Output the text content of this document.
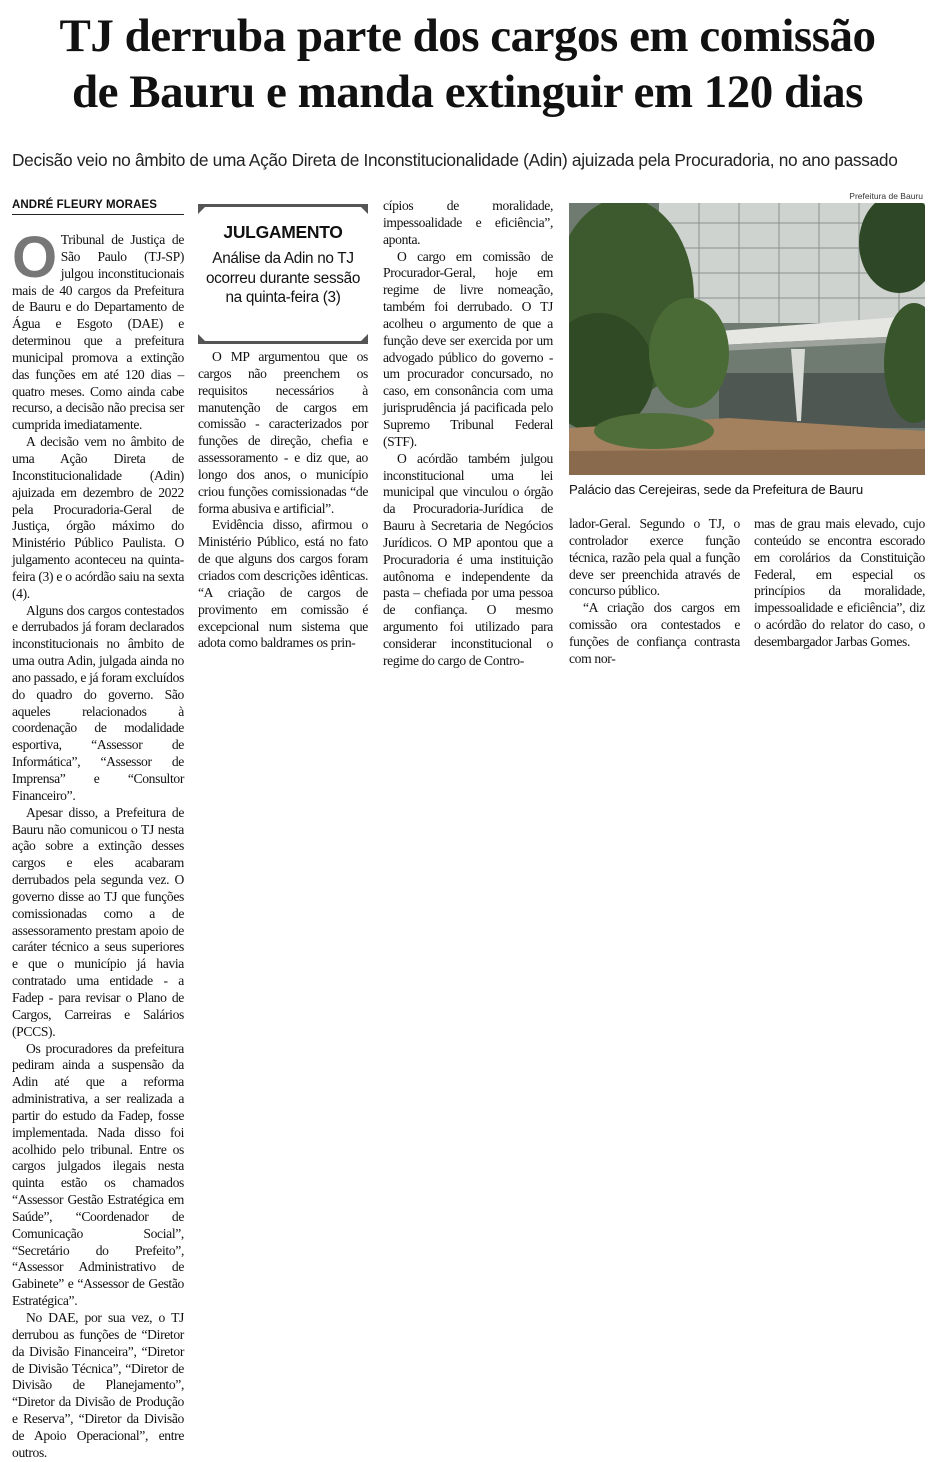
TJ derruba parte dos cargos em comissão
de Bauru e manda extinguir em 120 dias
Decisão veio no âmbito de uma Ação Direta de Inconstitucionalidade (Adin) ajuizada pela Procuradoria, no ano passado
ANDRÉ FLEURY MORAES

O Tribunal de Justiça de São Paulo (TJ-SP) julgou inconstitucionais mais de 40 cargos da Prefeitura de Bauru e do Departamento de Água e Esgoto (DAE) e determinou que a prefeitura municipal promova a extinção das funções em até 120 dias – quatro meses. Como ainda cabe recurso, a decisão não precisa ser cumprida imediatamente.

A decisão vem no âmbito de uma Ação Direta de Inconstitucionalidade (Adin) ajuizada em dezembro de 2022 pela Procuradoria-Geral de Justiça, órgão máximo do Ministério Público Paulista. O julgamento aconteceu na quinta-feira (3) e o acórdão saiu na sexta (4).

Alguns dos cargos contestados e derrubados já foram declarados inconstitucionais no âmbito de uma outra Adin, julgada ainda no ano passado, e já foram excluídos do quadro do governo. São aqueles relacionados à coordenação de modalidade esportiva, “Assessor de Informática”, “Assessor de Imprensa” e “Consultor Financeiro”.

Apesar disso, a Prefeitura de Bauru não comunicou o TJ nesta ação sobre a extinção desses cargos e eles acabaram derrubados pela segunda vez. O governo disse ao TJ que funções comissionadas como a de assessoramento prestam apoio de caráter técnico a seus superiores e que o município já havia contratado uma entidade - a Fadep - para revisar o Plano de Cargos, Carreiras e Salários (PCCS).

Os procuradores da prefeitura pediram ainda a suspensão da Adin até que a reforma administrativa, a ser realizada a partir do estudo da Fadep, fosse implementada. Nada disso foi acolhido pelo tribunal. Entre os cargos julgados ilegais nesta quinta estão os chamados “Assessor Gestão Estratégica em Saúde”, “Coordenador de Comunicação Social”, “Secretário do Prefeito”, “Assessor Administrativo de Gabinete” e “Assessor de Gestão Estratégica”.

No DAE, por sua vez, o TJ derrubou as funções de “Diretor da Divisão Financeira”, “Diretor de Divisão Técnica”, “Diretor de Divisão de Planejamento”, “Diretor da Divisão de Produção e Reserva”, “Diretor da Divisão de Apoio Operacional”, entre outros.

JULGAMENTO
Análise da Adin no TJ ocorreu durante sessão na quinta-feira (3)

O MP argumentou que os cargos não preenchem os requisitos necessários à manutenção de cargos em comissão - caracterizados por funções de direção, chefia e assessoramento - e diz que, ao longo dos anos, o município criou funções comissionadas “de forma abusiva e artificial”.

Evidência disso, afirmou o Ministério Público, está no fato de que alguns dos cargos foram criados com descrições idênticas. “A criação de cargos de provimento em comissão é excepcional num sistema que adota como baldrames os prin-

cípios de moralidade, impessoalidade e eficiência”, aponta.

O cargo em comissão de Procurador-Geral, hoje em regime de livre nomeação, também foi derrubado. O TJ acolheu o argumento de que a função deve ser exercida por um advogado público do governo - um procurador concursado, no caso, em consonância com uma jurisprudência já pacificada pelo Supremo Tribunal Federal (STF).

O acórdão também julgou inconstitucional uma lei municipal que vinculou o órgão da Procuradoria-Jurídica de Bauru à Secretaria de Negócios Jurídicos. O MP apontou que a Procuradoria é uma instituição autônoma e independente da pasta – chefiada por uma pessoa de confiança. O mesmo argumento foi utilizado para considerar inconstitucional o regime do cargo de Contro-

Prefeitura de Bauru
Palácio das Cerejeiras, sede da Prefeitura de Bauru

lador-Geral. Segundo o TJ, o controlador exerce função técnica, razão pela qual a função deve ser preenchida através de concurso público.

“A criação dos cargos em comissão ora contestados e funções de confiança contrasta com nor-

mas de grau mais elevado, cujo conteúdo se encontra escorado em corolários da Constituição Federal, em especial os princípios da moralidade, impessoalidade e eficiência”, diz o acórdão do relator do caso, o desembargador Jarbas Gomes.
